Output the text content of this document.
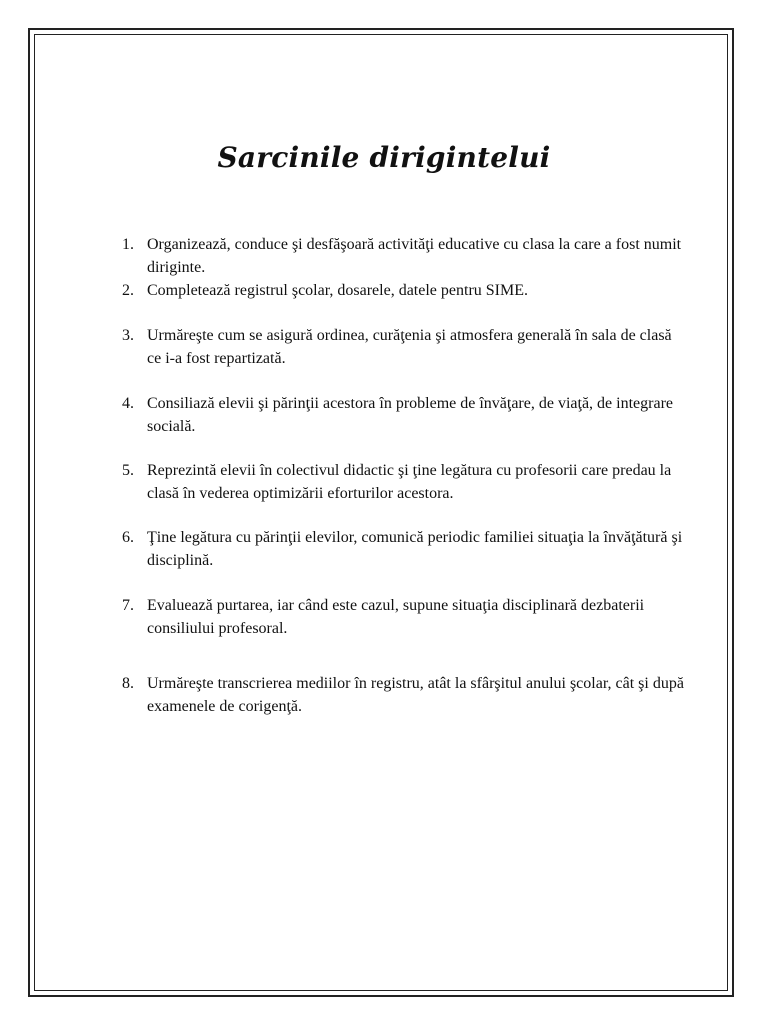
Sarcinile dirigintelui
1. Organizează, conduce şi desfăşoară activităţi educative cu clasa la care a fost numit diriginte.
2. Completează registrul şcolar, dosarele, datele pentru SIME.
3. Urmăreşte cum se asigură ordinea, curăţenia şi atmosfera generală în sala de clasă ce i-a fost repartizată.
4. Consiliază elevii şi părinţii acestora în probleme de învăţare, de viaţă, de integrare socială.
5. Reprezintă elevii în colectivul didactic şi ţine legătura cu profesorii care predau la clasă în vederea optimizării eforturilor acestora.
6. Ţine legătura cu părinţii elevilor, comunică periodic familiei situaţia la învăţătură şi disciplină.
7. Evaluează purtarea, iar când este cazul, supune situaţia disciplinară dezbaterii consiliului profesoral.
8. Urmăreşte transcrierea mediilor în registru, atât la sfârşitul anului şcolar, cât şi după examenele de corigenţă.
